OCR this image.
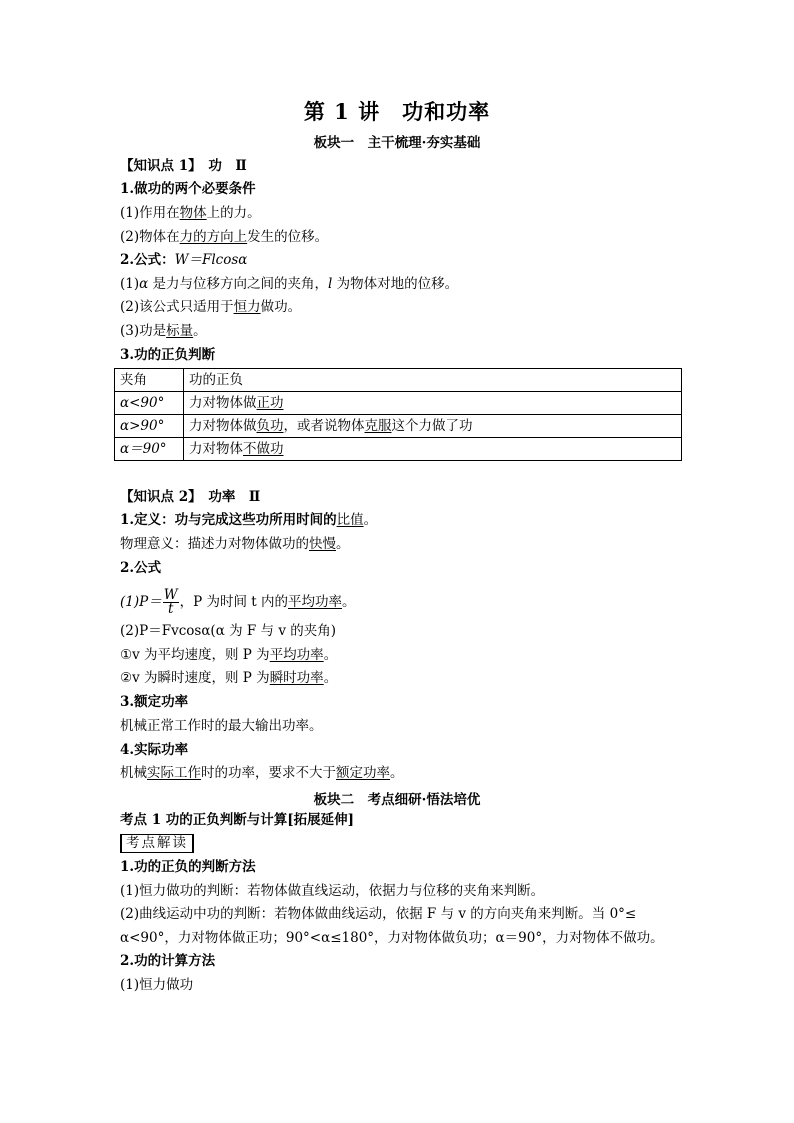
第 1 讲　功和功率
板块一　主干梳理·夯实基础
【知识点 1】　功　Ⅱ
1.做功的两个必要条件
(1)作用在物体上的力。
(2)物体在力的方向上发生的位移。
2.公式：W＝Flcosα
(1)α 是力与位移方向之间的夹角，l 为物体对地的位移。
(2)该公式只适用于恒力做功。
(3)功是标量。
3.功的正负判断
夹角	功的正负
α<90°	力对物体做正功
α>90°	力对物体做负功，或者说物体克服这个力做了功
α＝90°	力对物体不做功
【知识点 2】　功率　Ⅱ
1.定义：功与完成这些功所用时间的比值。
物理意义：描述力对物体做功的快慢。
2.公式
$(1)P= \frac{W}{t}$ ，P 为时间 t 内的平均功率。
(2)P＝Fvcosα(α 为 F 与 v 的夹角)
①v 为平均速度，则 P 为平均功率。
②v 为瞬时速度，则 P 为瞬时功率。
3.额定功率
机械正常工作时的最大输出功率。
4.实际功率
机械实际工作时的功率，要求不大于额定功率。
板块二　考点细研·悟法培优
考点 1 功的正负判断与计算[拓展延伸]
考点解读
1.功的正负的判断方法
(1)恒力做功的判断：若物体做直线运动，依据力与位移的夹角来判断。
(2)曲线运动中功的判断：若物体做曲线运动，依据 F 与 v 的方向夹角来判断。当 0°≤
α<90°，力对物体做正功；90°<α≤180°，力对物体做负功；α＝90°，力对物体不做功。
2.功的计算方法
(1)恒力做功
